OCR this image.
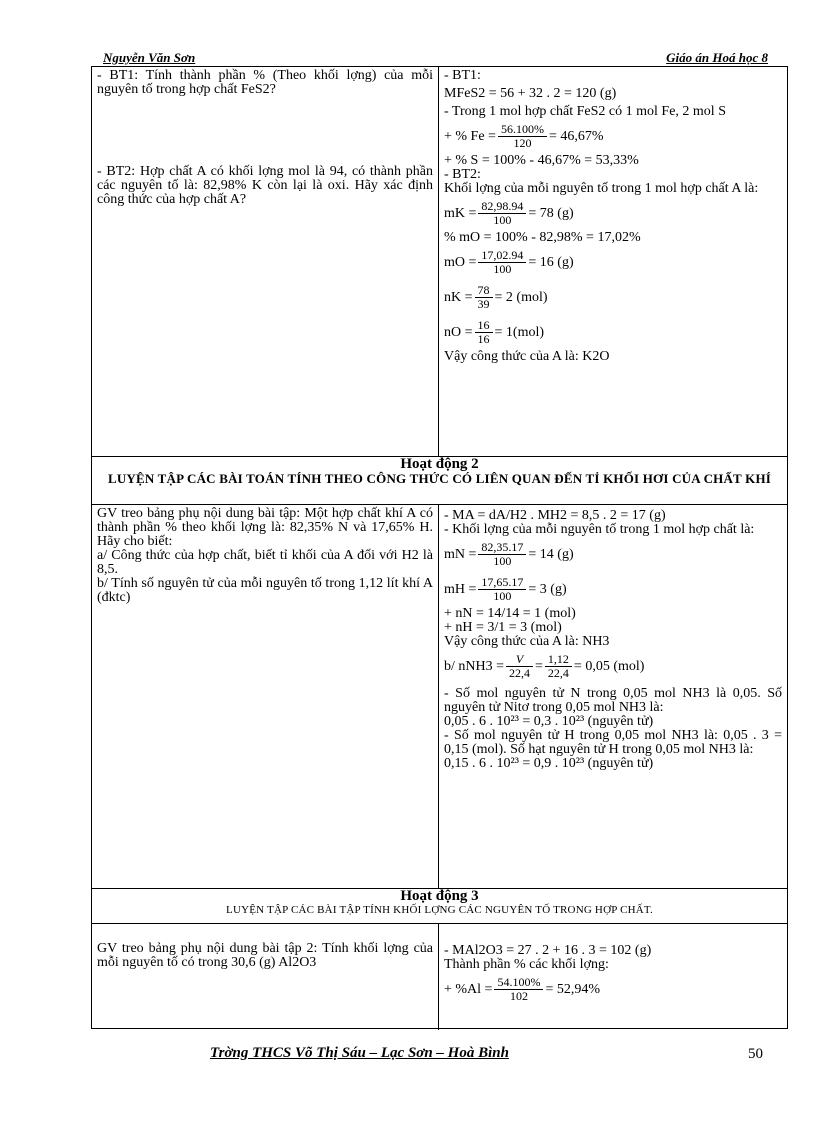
Nguyễn Văn Sơn	Giáo án Hoá học 8

- BT1: Tính thành phần % (Theo khối lợng) của mỗi nguyên tố trong hợp chất FeS2?

- BT2: Hợp chất A có khối lợng mol là 94, có thành phần các nguyên tố là: 82,98% K còn lại là oxi. Hãy xác định công thức của hợp chất A?

- BT1:
MFeS2 = 56 + 32 . 2 = 120 (g)
- Trong 1 mol hợp chất FeS2 có 1 mol Fe, 2 mol S
+ % $Fe = \frac{56.100\%}{120} = 46,67\%$
+ % S = 100% - 46,67% = 53,33%
- BT2:
Khối lợng của mỗi nguyên tố trong 1 mol hợp chất A là:
mK = $\frac{82,98.94}{100} = 78$ (g)
% mO = 100% - 82,98% = 17,02%
mO = $\frac{17,02.94}{100} = 16$ (g)
nK = $\frac{78}{39} = 2$ (mol)
nO = $\frac{16}{16} = 1(mol)$
Vậy công thức của A là: K2O
Hoạt động 2
LUYỆN TẬP CÁC BÀI TOÁN TÍNH THEO CÔNG THỨC CÓ LIÊN QUAN ĐẾN TỈ KHỐI HƠI CỦA CHẤT KHÍ

GV treo bảng phụ nội dung bài tập: Một hợp chất khí A có thành phần % theo khối lợng là: 82,35% N và 17,65% H. Hãy cho biết:

a/ Công thức của hợp chất, biết tỉ khối của A đối với H2 là 8,5.

b/ Tính số nguyên tử của mỗi nguyên tố trong 1,12 lít khí A (đktc)

- MA = dA/H2 . MH2 = 8,5 . 2 = 17 (g)
- Khối lợng của mỗi nguyên tố trong 1 mol hợp chất là:
mN = $\frac{82,35.17}{100} = 14$ (g)
mH = $\frac{17,65.17}{100} = 3$ (g)
+ nN = 14/14 = 1 (mol)
+ nH = 3/1 = 3 (mol)
Vậy công thức của A là: NH3
b/ $nNH3 = \frac{V}{22,4} = \frac{1,12}{22,4} = 0,05$ (mol)
- Số mol nguyên tử N trong 0,05 mol NH3 là 0,05. Số nguyên tử Nitơ trong 0,05 mol NH3 là:
0,05 . 6 . 10²³ = 0,3 . 10²³ (nguyên tử)
- Số mol nguyên tử H trong 0,05 mol NH3 là: 0,05 . 3 = 0,15 (mol). Số hạt nguyên tử H trong 0,05 mol NH3 là:
0,15 . 6 . 10²³ = 0,9 . 10²³ (nguyên tử)
Hoạt động 3
LUYỆN TẬP CÁC BÀI TẬP TÍNH KHỐI LỢNG CÁC NGUYÊN TỐ TRONG HỢP CHẤT.

GV treo bảng phụ nội dung bài tập 2: Tính khối lợng của mỗi nguyên tố có trong 30,6 (g) Al2O3

- MAl2O3 = 27 . 2 + 16 . 3 = 102 (g)
Thành phần % các khối lợng:
+ $\%Al = \frac{54.100\%}{102} = 52,94\%$
Trờng THCS Võ Thị Sáu – Lạc Sơn – Hoà Bình	50
